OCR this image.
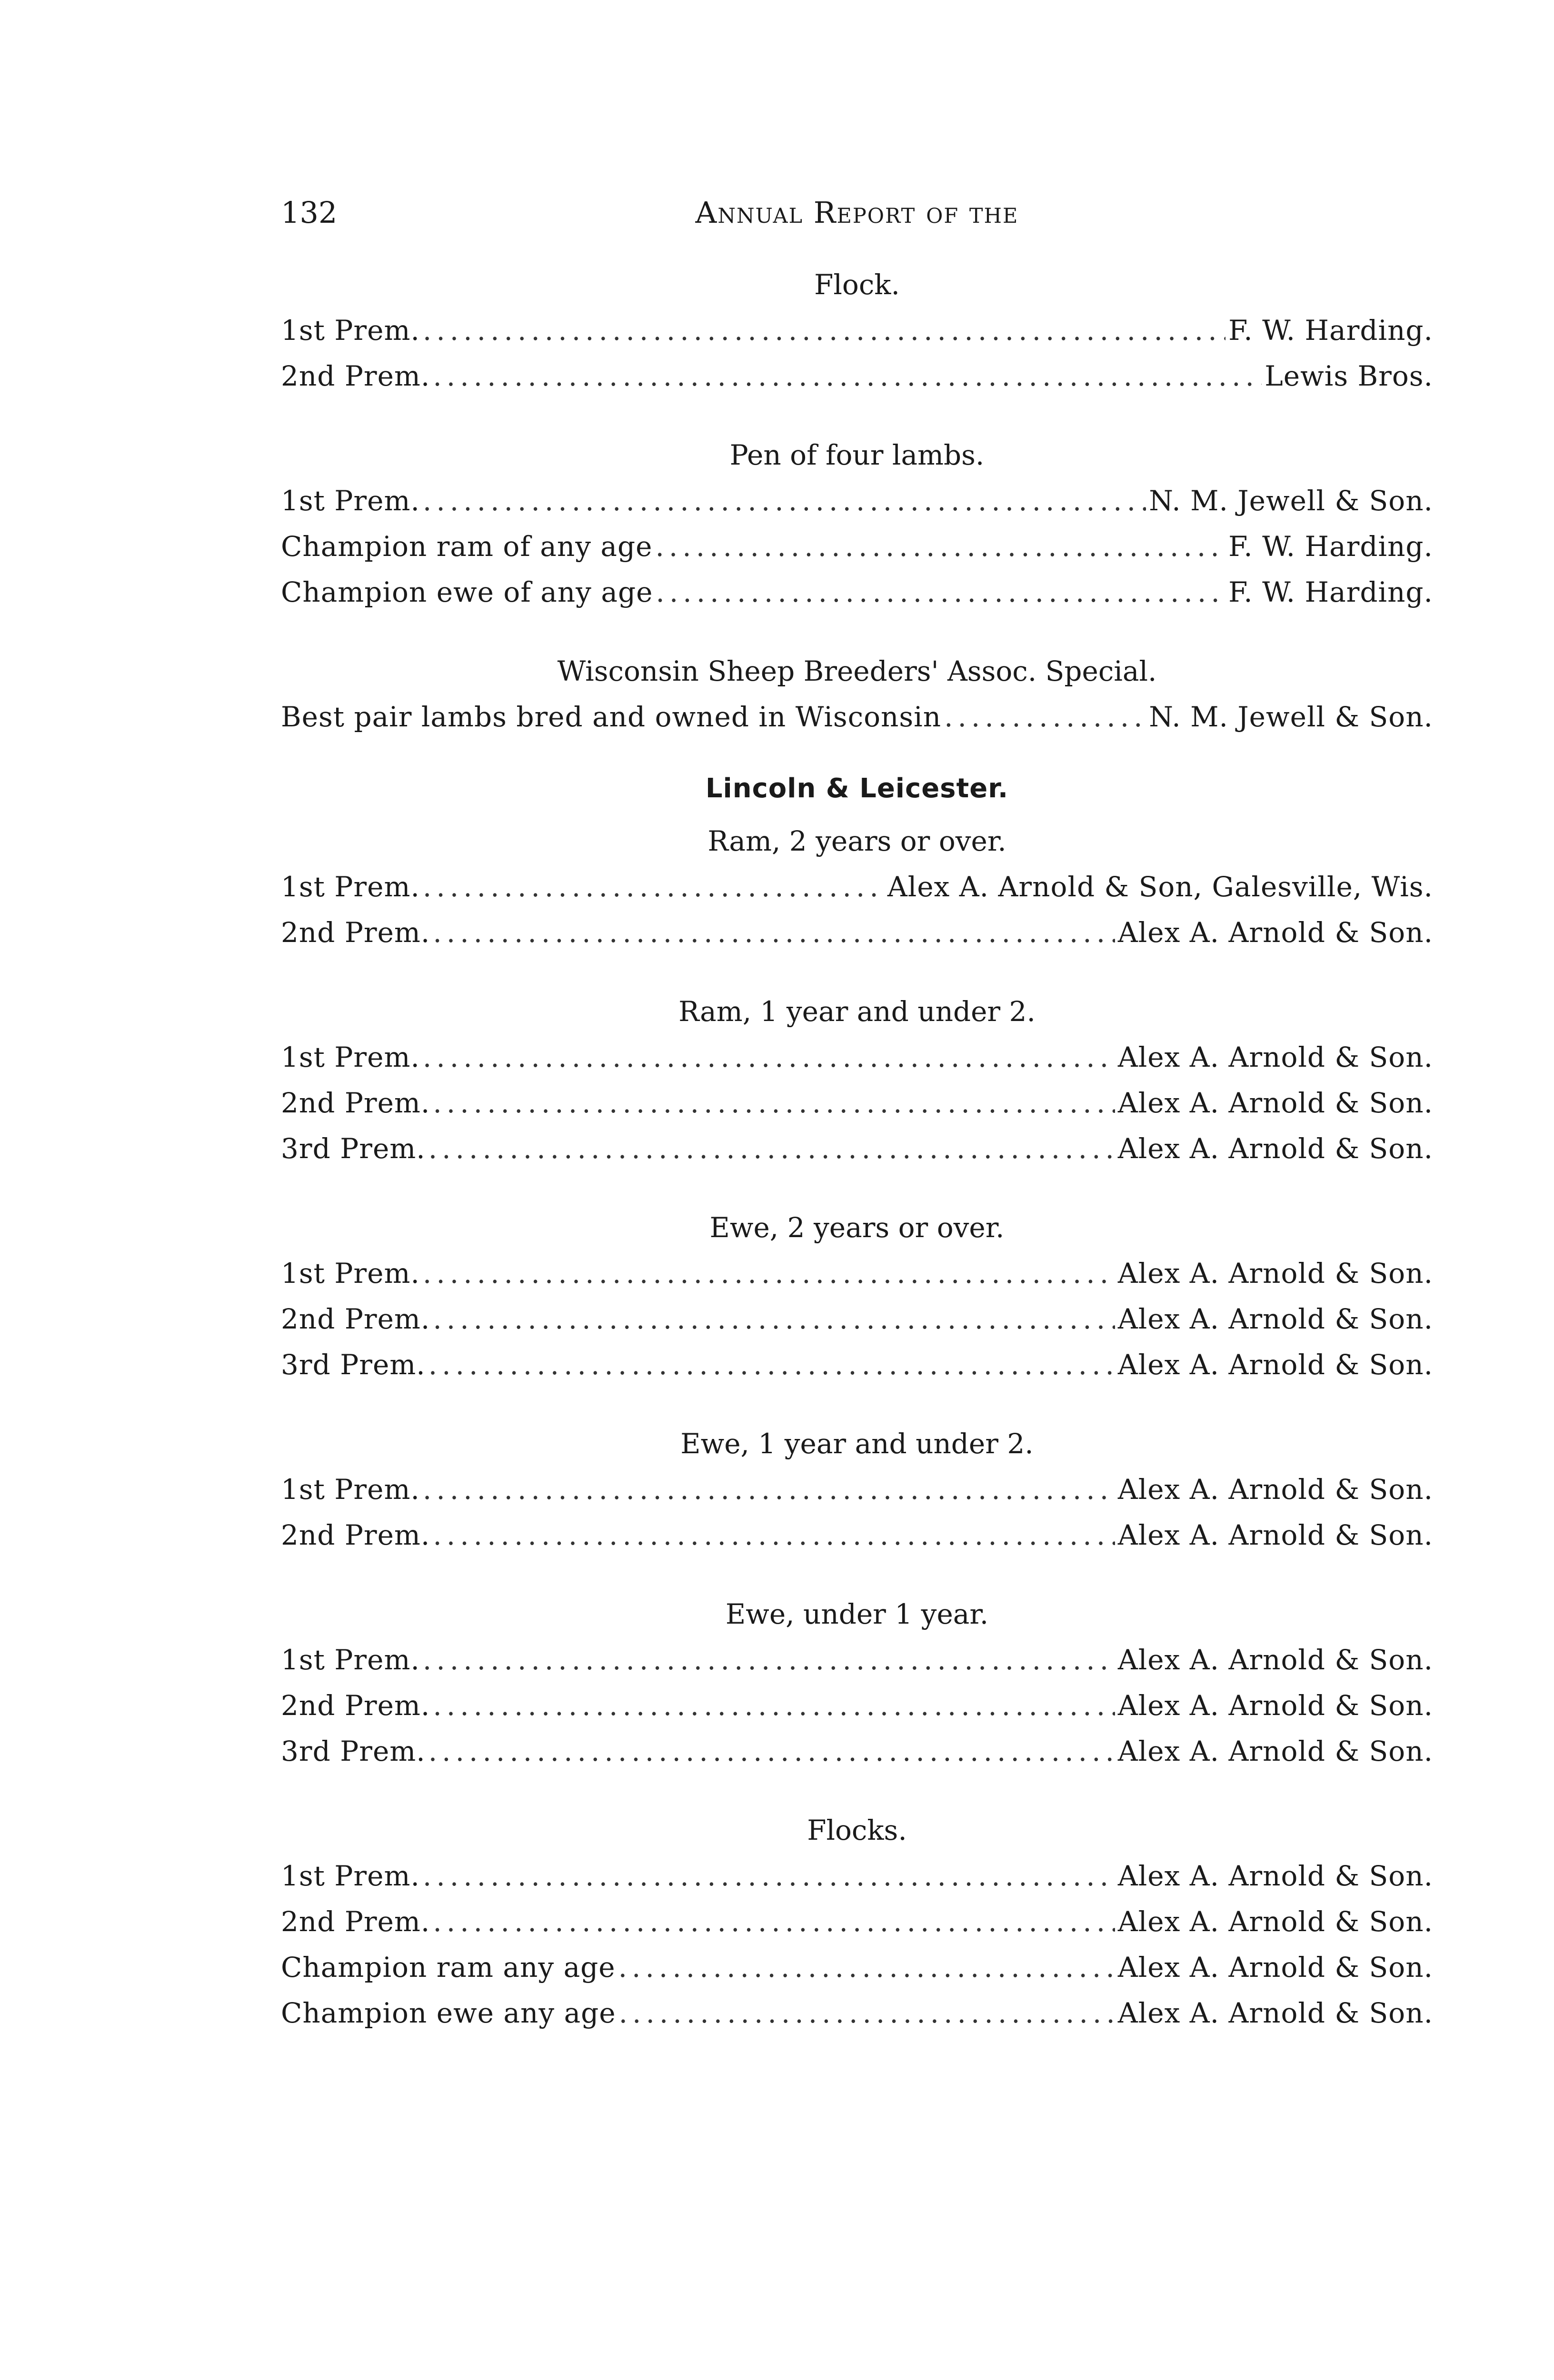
132	Annual Report of the
Flock.
1st Prem. .....	F. W. Harding.
2nd Prem. .....	Lewis Bros.
Pen of four lambs.
1st Prem. .....	N. M. Jewell & Son.
Champion ram of any age .....	F. W. Harding.
Champion ewe of any age .....	F. W. Harding.
Wisconsin Sheep Breeders' Assoc. Special.
Best pair lambs bred and owned in Wisconsin .....	N. M. Jewell & Son.
Lincoln & Leicester.
Ram, 2 years or over.
1st Prem. .....	Alex A. Arnold & Son, Galesville, Wis.
2nd Prem. .....	Alex A. Arnold & Son.
Ram, 1 year and under 2.
1st Prem. .....	Alex A. Arnold & Son.
2nd Prem. .....	Alex A. Arnold & Son.
3rd Prem. .....	Alex A. Arnold & Son.
Ewe, 2 years or over.
1st Prem. .....	Alex A. Arnold & Son.
2nd Prem. .....	Alex A. Arnold & Son.
3rd Prem. .....	Alex A. Arnold & Son.
Ewe, 1 year and under 2.
1st Prem. .....	Alex A. Arnold & Son.
2nd Prem. .....	Alex A. Arnold & Son.
Ewe, under 1 year.
1st Prem. .....	Alex A. Arnold & Son.
2nd Prem. .....	Alex A. Arnold & Son.
3rd Prem. .....	Alex A. Arnold & Son.
Flocks.
1st Prem. .....	Alex A. Arnold & Son.
2nd Prem. .....	Alex A. Arnold & Son.
Champion ram any age .....	Alex A. Arnold & Son.
Champion ewe any age .....	Alex A. Arnold & Son.
